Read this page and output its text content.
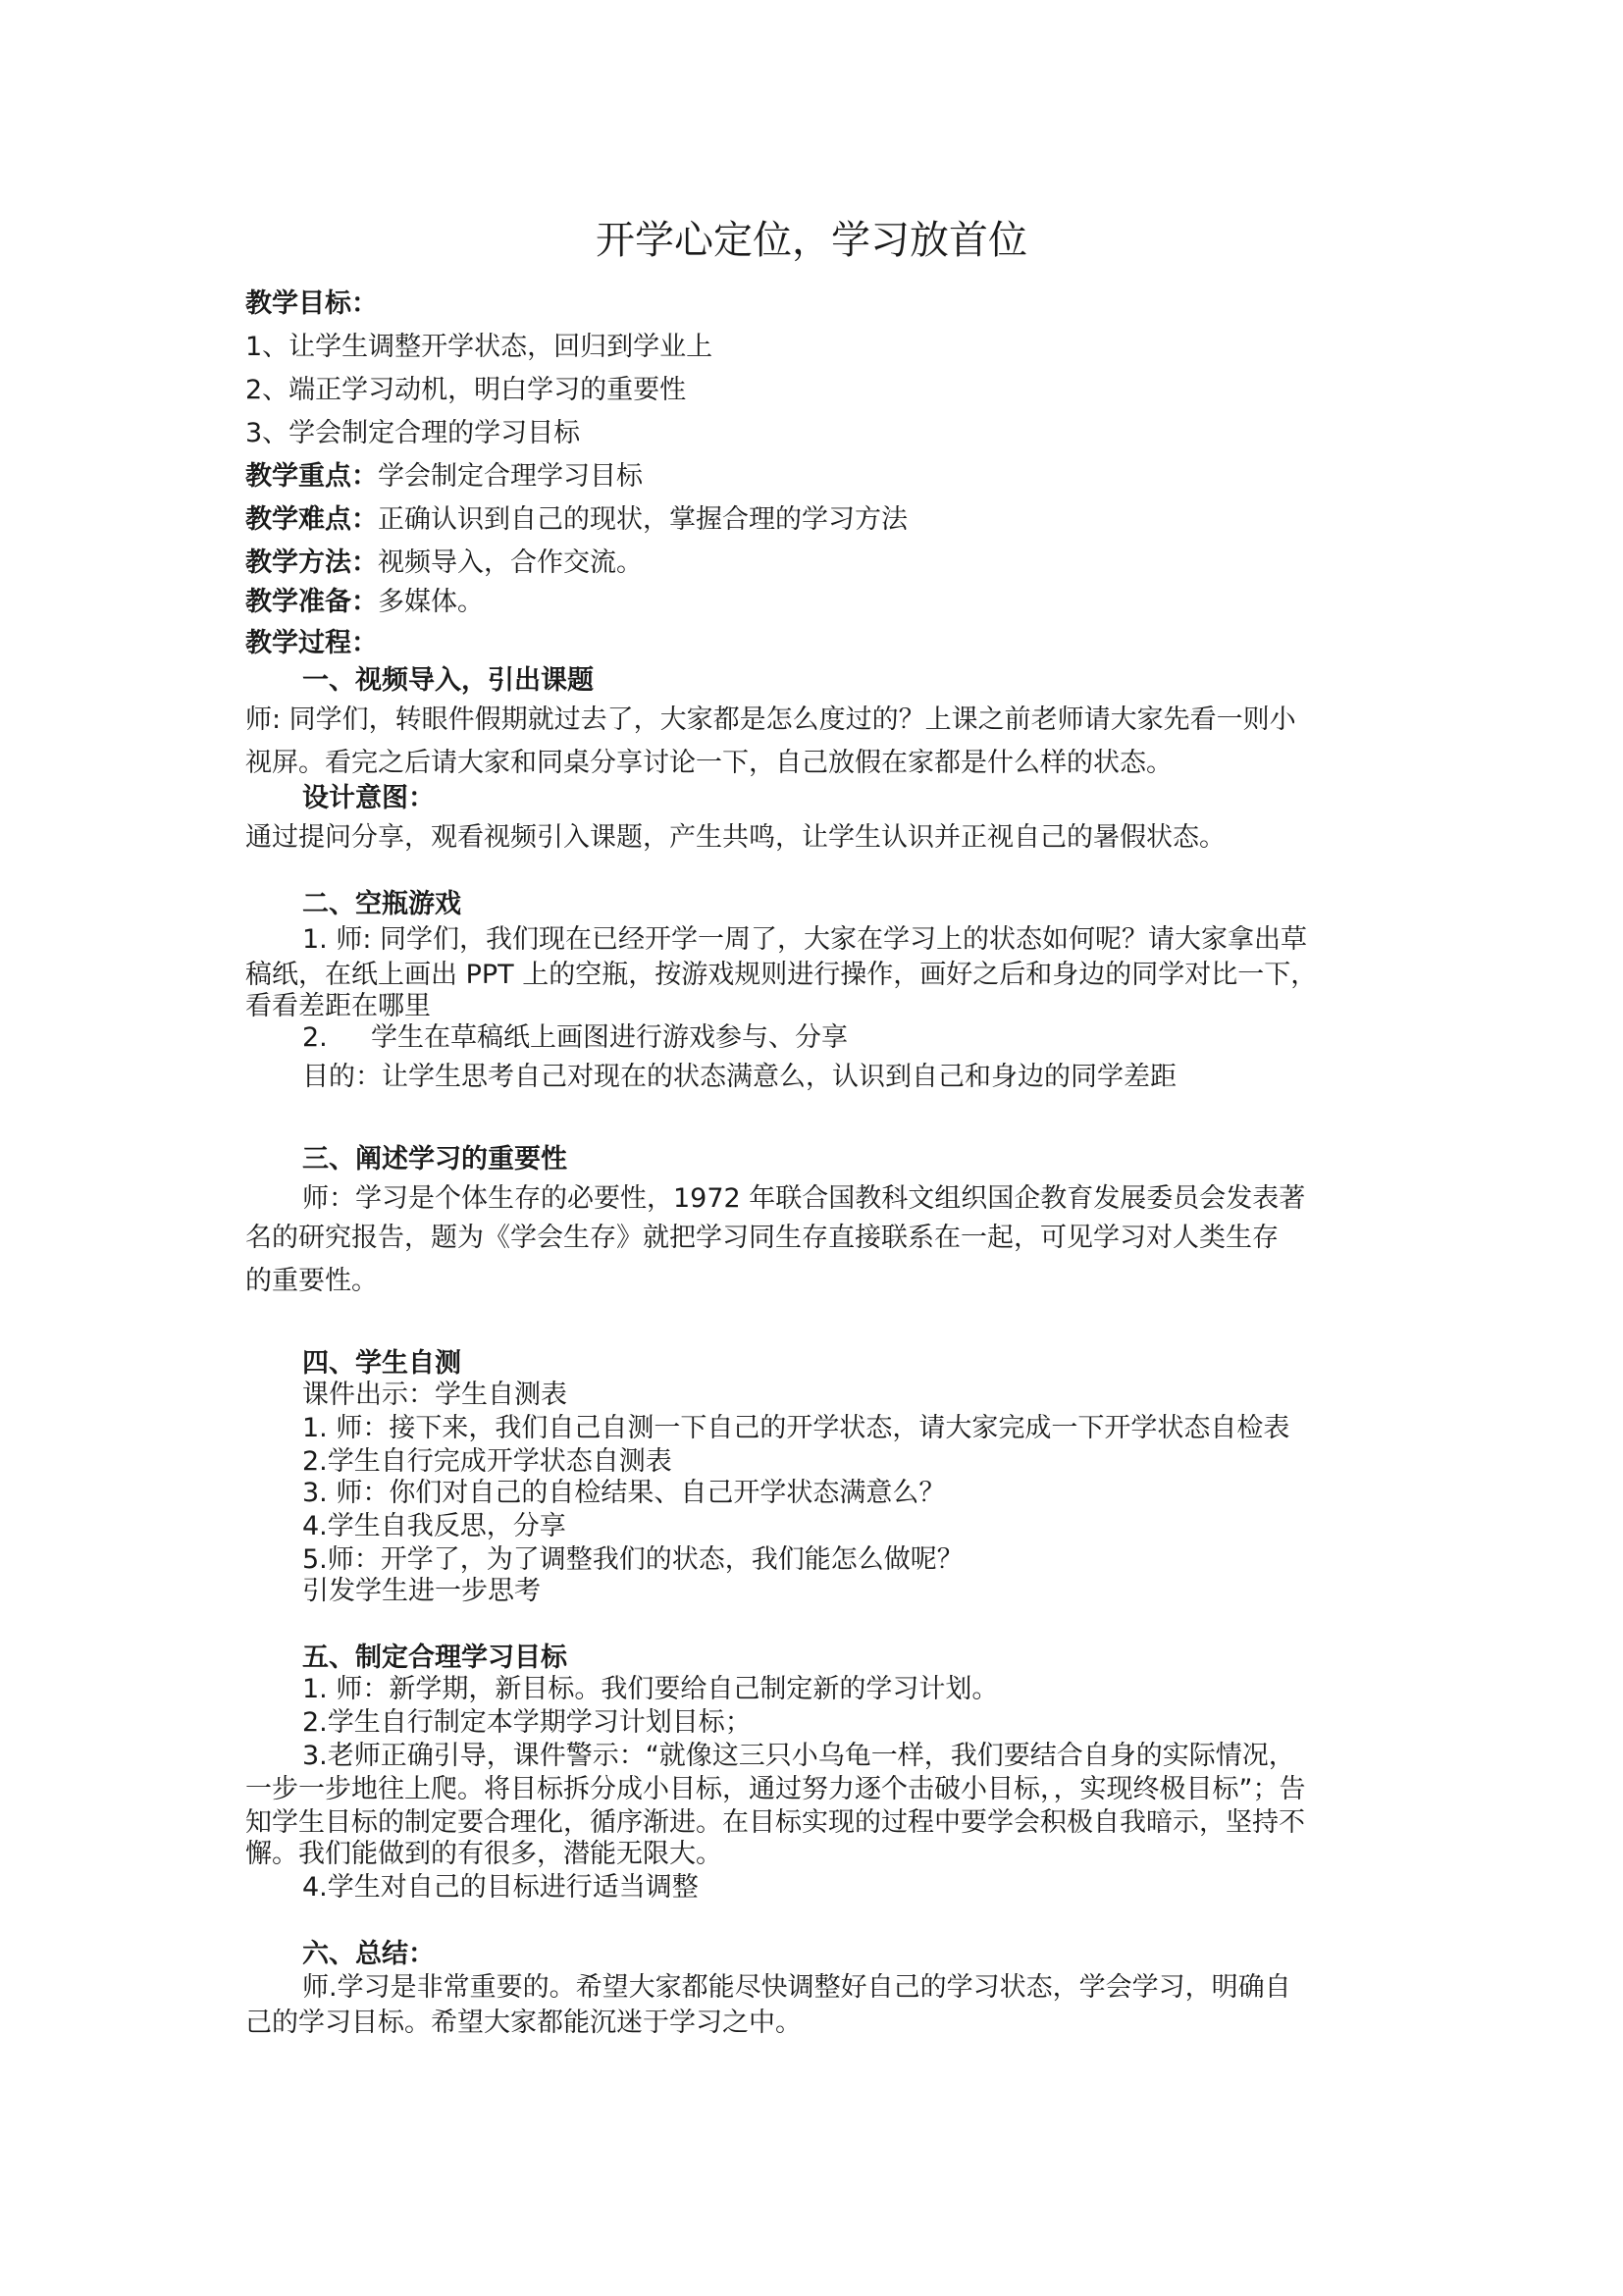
开学心定位，学习放首位

教学目标：

1、让学生调整开学状态，回归到学业上

2、端正学习动机，明白学习的重要性

3、学会制定合理的学习目标

教学重点：学会制定合理学习目标

教学难点：正确认识到自己的现状，掌握合理的学习方法

教学方法：视频导入，合作交流。

教学准备：多媒体。

教学过程：

一、视频导入，引出课题

师: 同学们，转眼件假期就过去了，大家都是怎么度过的？上课之前老师请大家先看一则小

视屏。看完之后请大家和同桌分享讨论一下，自己放假在家都是什么样的状态。

设计意图：

通过提问分享，观看视频引入课题，产生共鸣，让学生认识并正视自己的暑假状态。

二、空瓶游戏

1. 师: 同学们，我们现在已经开学一周了，大家在学习上的状态如何呢？请大家拿出草

稿纸，在纸上画出 PPT 上的空瓶，按游戏规则进行操作，画好之后和身边的同学对比一下，

看看差距在哪里

2. 学生在草稿纸上画图进行游戏参与、分享

目的：让学生思考自己对现在的状态满意么，认识到自己和身边的同学差距

三、阐述学习的重要性

师：学习是个体生存的必要性，1972 年联合国教科文组织国企教育发展委员会发表著

名的研究报告，题为《学会生存》就把学习同生存直接联系在一起，可见学习对人类生存

的重要性。

四、学生自测

课件出示：学生自测表

1. 师：接下来，我们自己自测一下自己的开学状态，请大家完成一下开学状态自检表

2.学生自行完成开学状态自测表

3. 师：你们对自己的自检结果、自己开学状态满意么？

4.学生自我反思，分享

5.师：开学了，为了调整我们的状态，我们能怎么做呢？

引发学生进一步思考

五、制定合理学习目标

1. 师：新学期，新目标。我们要给自己制定新的学习计划。

2.学生自行制定本学期学习计划目标；

3.老师正确引导，课件警示：“就像这三只小乌龟一样，我们要结合自身的实际情况，

一步一步地往上爬。将目标拆分成小目标，通过努力逐个击破小目标，，实现终极目标”；告

知学生目标的制定要合理化，循序渐进。在目标实现的过程中要学会积极自我暗示，坚持不

懈。我们能做到的有很多，潜能无限大。

4.学生对自己的目标进行适当调整

六、总结：

师.学习是非常重要的。希望大家都能尽快调整好自己的学习状态，学会学习，明确自

己的学习目标。希望大家都能沉迷于学习之中。
